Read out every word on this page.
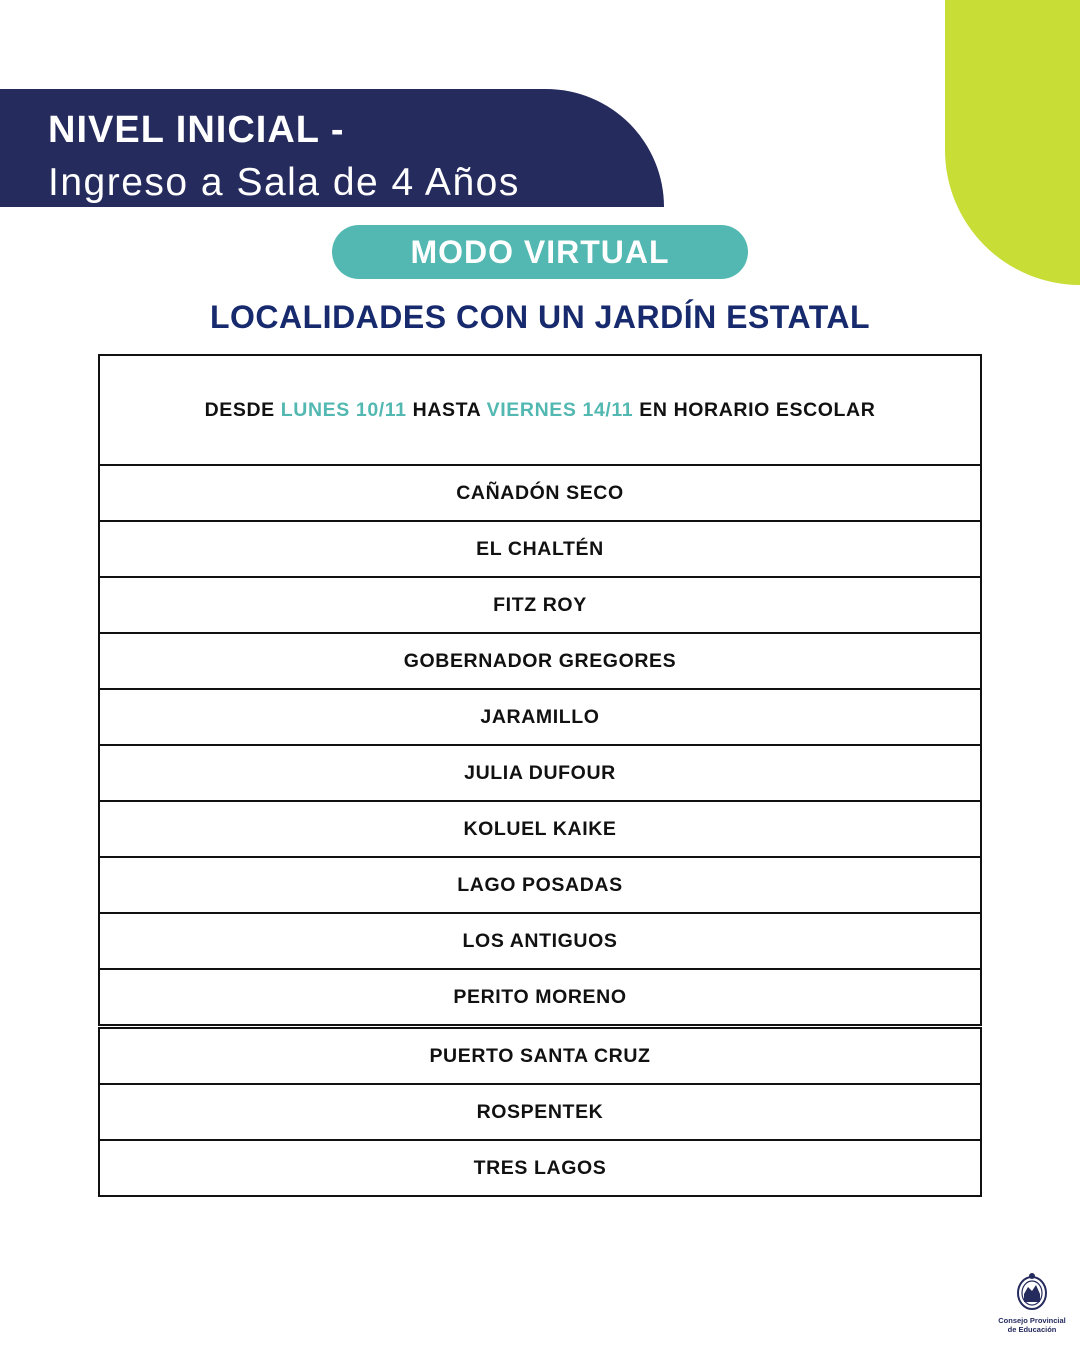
NIVEL INICIAL -

Ingreso a Sala de 4 Años

MODO VIRTUAL
LOCALIDADES CON UN JARDÍN ESTATAL
DESDE LUNES 10/11 HASTA VIERNES 14/11 EN HORARIO ESCOLAR
CAÑADÓN SECO
EL CHALTÉN
FITZ ROY
GOBERNADOR GREGORES
JARAMILLO
JULIA DUFOUR
KOLUEL KAIKE
LAGO POSADAS
LOS ANTIGUOS
PERITO MORENO
PUERTO SANTA CRUZ
ROSPENTEK
TRES LAGOS
Consejo Provincial
de Educación
